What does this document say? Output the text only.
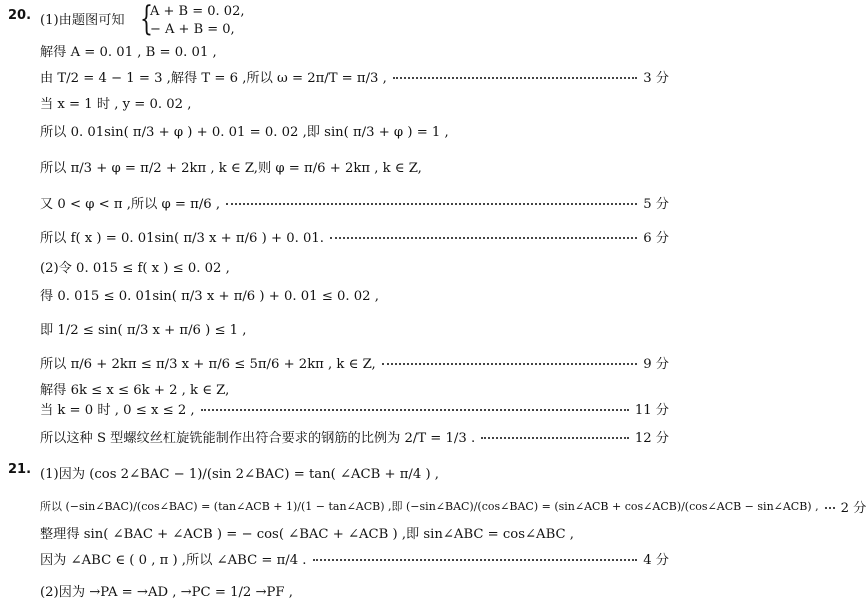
20. (1)由题图可知 {
A + B = 0. 02,
− A + B = 0,
解得 A = 0. 01 , B = 0. 01 ,
由 T/2 = 4 − 1 = 3 ,解得 T = 6 ,所以 ω = 2π/T = π/3 ,	3 分
当 x = 1 时 , y = 0. 02 ,
所以 0. 01sin( π/3 + φ ) + 0. 01 = 0. 02 ,即 sin( π/3 + φ ) = 1 ,
所以 π/3 + φ = π/2 + 2kπ , k ∈ Z,则 φ = π/6 + 2kπ , k ∈ Z,
又 0 < φ < π ,所以 φ = π/6 ,	5 分
所以 f( x ) = 0. 01sin( π/3 x + π/6 ) + 0. 01.	6 分
(2)令 0. 015 ≤ f( x ) ≤ 0. 02 ,
得 0. 015 ≤ 0. 01sin( π/3 x + π/6 ) + 0. 01 ≤ 0. 02 ,
即 1/2 ≤ sin( π/3 x + π/6 ) ≤ 1 ,
所以 π/6 + 2kπ ≤ π/3 x + π/6 ≤ 5π/6 + 2kπ , k ∈ Z,	9 分
解得 6k ≤ x ≤ 6k + 2 , k ∈ Z,
当 k = 0 时 , 0 ≤ x ≤ 2 ,	11 分
所以这种 S 型螺纹丝杠旋铣能制作出符合要求的钢筋的比例为 2/T = 1/3 .	12 分
21. (1)因为 (cos 2∠BAC − 1)/(sin 2∠BAC) = tan( ∠ACB + π/4 ) ,
所以 (−sin∠BAC)/(cos∠BAC) = (tan∠ACB + 1)/(1 − tan∠ACB) ,即 (−sin∠BAC)/(cos∠BAC) = (sin∠ACB + cos∠ACB)/(cos∠ACB − sin∠ACB) , 2 分
整理得 sin( ∠BAC + ∠ACB ) = − cos( ∠BAC + ∠ACB ) ,即 sin∠ABC = cos∠ABC ,
因为 ∠ABC ∈ ( 0 , π ) ,所以 ∠ABC = π/4 .	4 分
(2)因为 →PA = →AD , →PC = 1/2 →PF ,
